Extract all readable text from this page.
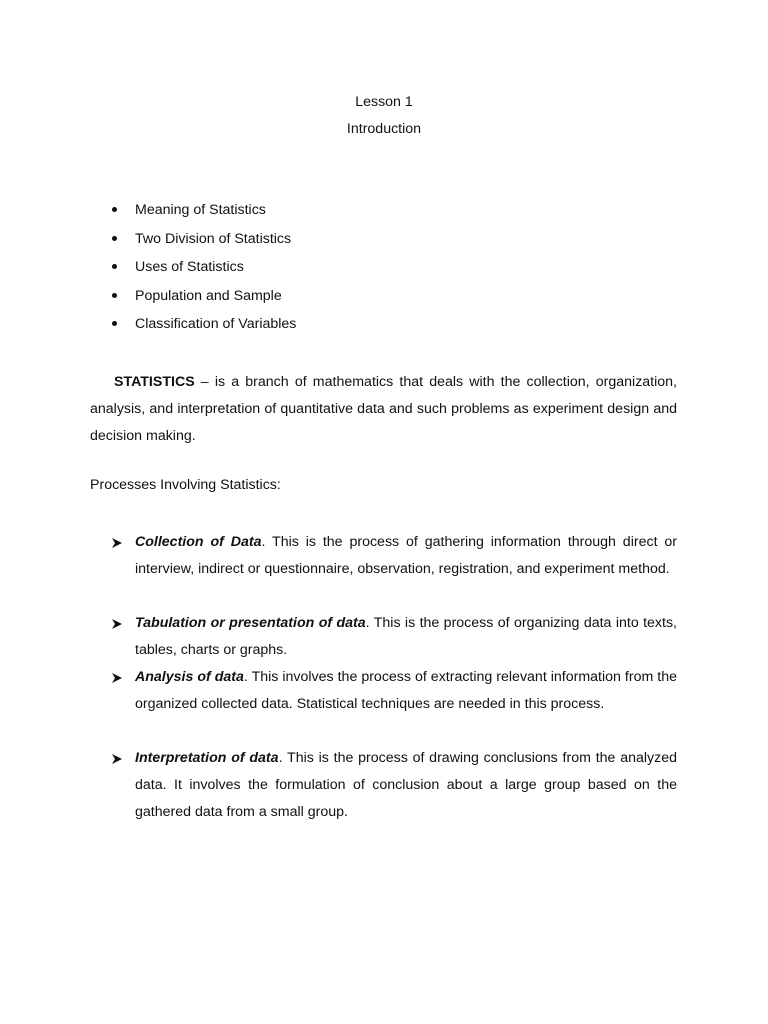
Lesson 1
Introduction
Meaning of Statistics
Two Division of Statistics
Uses of Statistics
Population and Sample
Classification of Variables

STATISTICS – is a branch of mathematics that deals with the collection, organization, analysis, and interpretation of quantitative data and such problems as experiment design and decision making.

Processes Involving Statistics:
Collection of Data. This is the process of gathering information through direct or interview, indirect or questionnaire, observation, registration, and experiment method.
Tabulation or presentation of data. This is the process of organizing data into texts, tables, charts or graphs.
Analysis of data. This involves the process of extracting relevant information from the organized collected data. Statistical techniques are needed in this process.
Interpretation of data. This is the process of drawing conclusions from the analyzed data. It involves the formulation of conclusion about a large group based on the gathered data from a small group.
